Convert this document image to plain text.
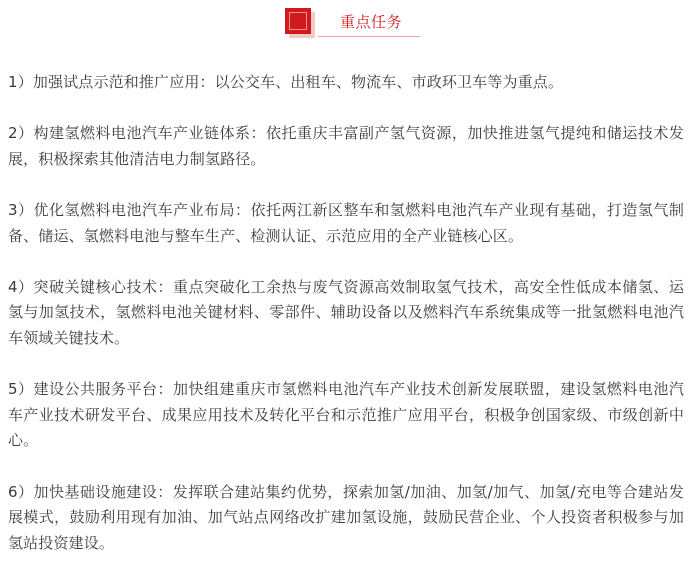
重点任务

1）加强试点示范和推广应用：以公交车、出租车、物流车、市政环卫车等为重点。

2）构建氢燃料电池汽车产业链体系：依托重庆丰富副产氢气资源，加快推进氢气提纯和储运技术发展，积极探索其他清洁电力制氢路径。

3）优化氢燃料电池汽车产业布局：依托两江新区整车和氢燃料电池汽车产业现有基础，打造氢气制备、储运、氢燃料电池与整车生产、检测认证、示范应用的全产业链核心区。

4）突破关键核心技术：重点突破化工余热与废气资源高效制取氢气技术，高安全性低成本储氢、运氢与加氢技术，氢燃料电池关键材料、零部件、辅助设备以及燃料汽车系统集成等一批氢燃料电池汽车领域关键技术。

5）建设公共服务平台：加快组建重庆市氢燃料电池汽车产业技术创新发展联盟，建设氢燃料电池汽车产业技术研发平台、成果应用技术及转化平台和示范推广应用平台，积极争创国家级、市级创新中心。

6）加快基础设施建设：发挥联合建站集约优势，探索加氢/加油、加氢/加气、加氢/充电等合建站发展模式，鼓励利用现有加油、加气站点网络改扩建加氢设施，鼓励民营企业、个人投资者积极参与加氢站投资建设。
